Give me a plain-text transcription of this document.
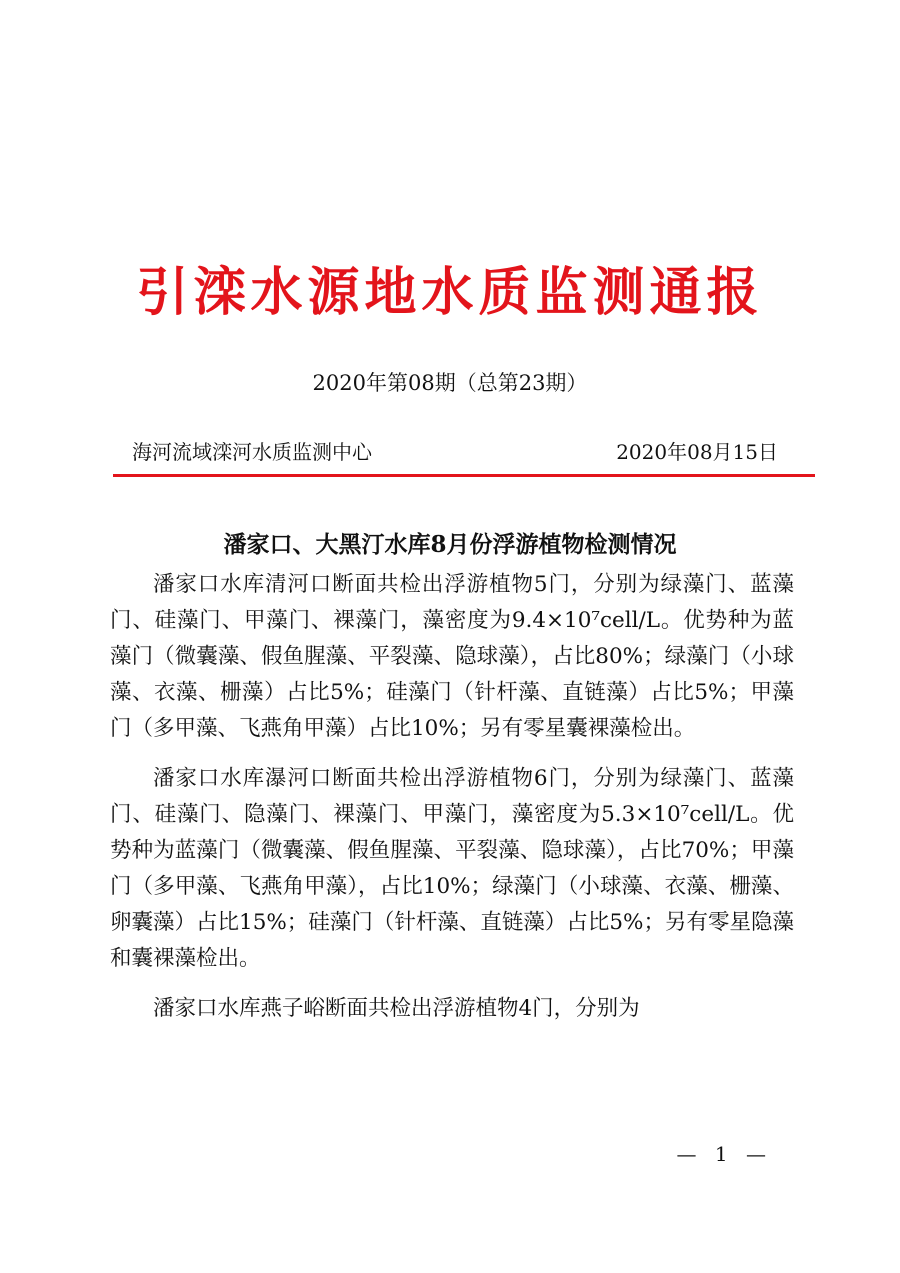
引滦水源地水质监测通报
2020年第08期（总第23期）
海河流域滦河水质监测中心	2020年08月15日
潘家口、大黑汀水库8月份浮游植物检测情况

潘家口水库清河口断面共检出浮游植物5门，分别为绿藻门、蓝藻门、硅藻门、甲藻门、裸藻门，藻密度为9.4×10⁷cell/L。优势种为蓝藻门（微囊藻、假鱼腥藻、平裂藻、隐球藻），占比80%；绿藻门（小球藻、衣藻、栅藻）占比5%；硅藻门（针杆藻、直链藻）占比5%；甲藻门（多甲藻、飞燕角甲藻）占比10%；另有零星囊裸藻检出。

潘家口水库瀑河口断面共检出浮游植物6门，分别为绿藻门、蓝藻门、硅藻门、隐藻门、裸藻门、甲藻门，藻密度为5.3×10⁷cell/L。优势种为蓝藻门（微囊藻、假鱼腥藻、平裂藻、隐球藻），占比70%；甲藻门（多甲藻、飞燕角甲藻），占比10%；绿藻门（小球藻、衣藻、栅藻、卵囊藻）占比15%；硅藻门（针杆藻、直链藻）占比5%；另有零星隐藻和囊裸藻检出。

潘家口水库燕子峪断面共检出浮游植物4门，分别为

— 1 —
